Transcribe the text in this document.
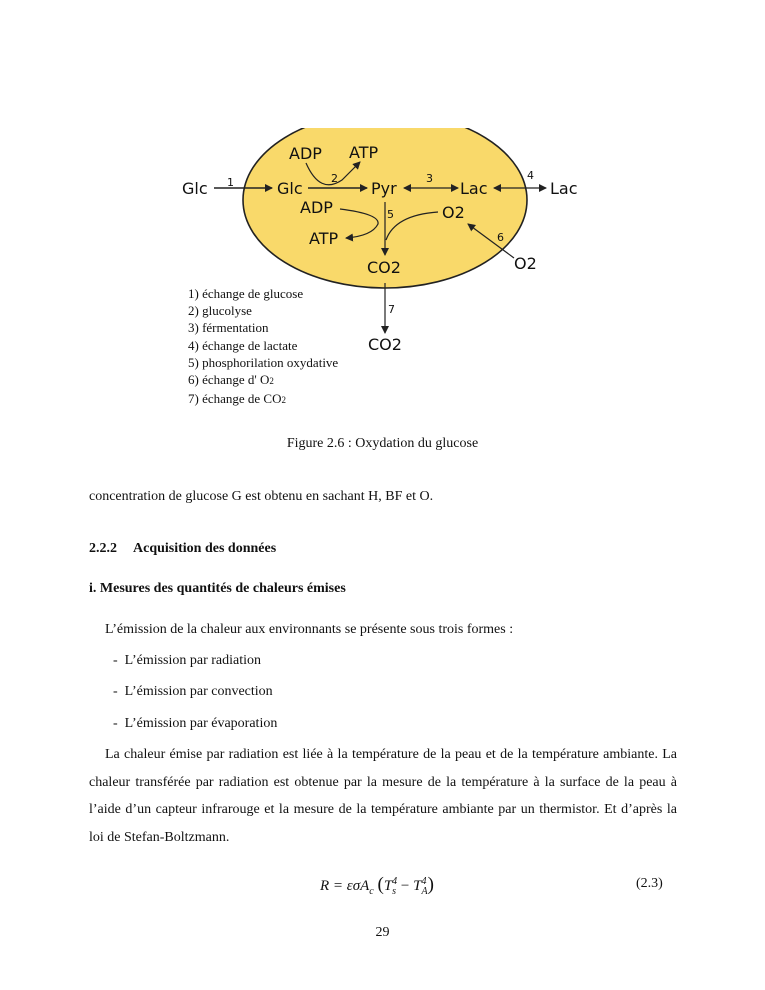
Glc	Glc	Pyr	Lac	Lac
ADP ATP
ADP
ATP
O2
O2
CO2
CO2
1	2	3	4
5
6
7
1) échange de glucose
2) glucolyse
3) férmentation
4) échange de lactate
5) phosphorilation oxydative
6) échange d' O2
7) échange de CO2
Figure 2.6 : Oxydation du glucose
concentration de glucose G est obtenu en sachant H, BF et O.
2.2.2 Acquisition des données
i. Mesures des quantités de chaleurs émises
L’émission de la chaleur aux environnants se présente sous trois formes :
-  L’émission par radiation
-  L’émission par convection
-  L’émission par évaporation
La chaleur émise par radiation est liée à la température de la peau et de la température ambiante. La chaleur transférée par radiation est obtenue par la mesure de la température à la surface de la peau à l’aide d’un capteur infrarouge et la mesure de la température ambiante par un thermistor. Et d’après la loi de Stefan-Boltzmann.
R = εσA$_c$ (T 4
s − T 4
A )	(2.3)
29
